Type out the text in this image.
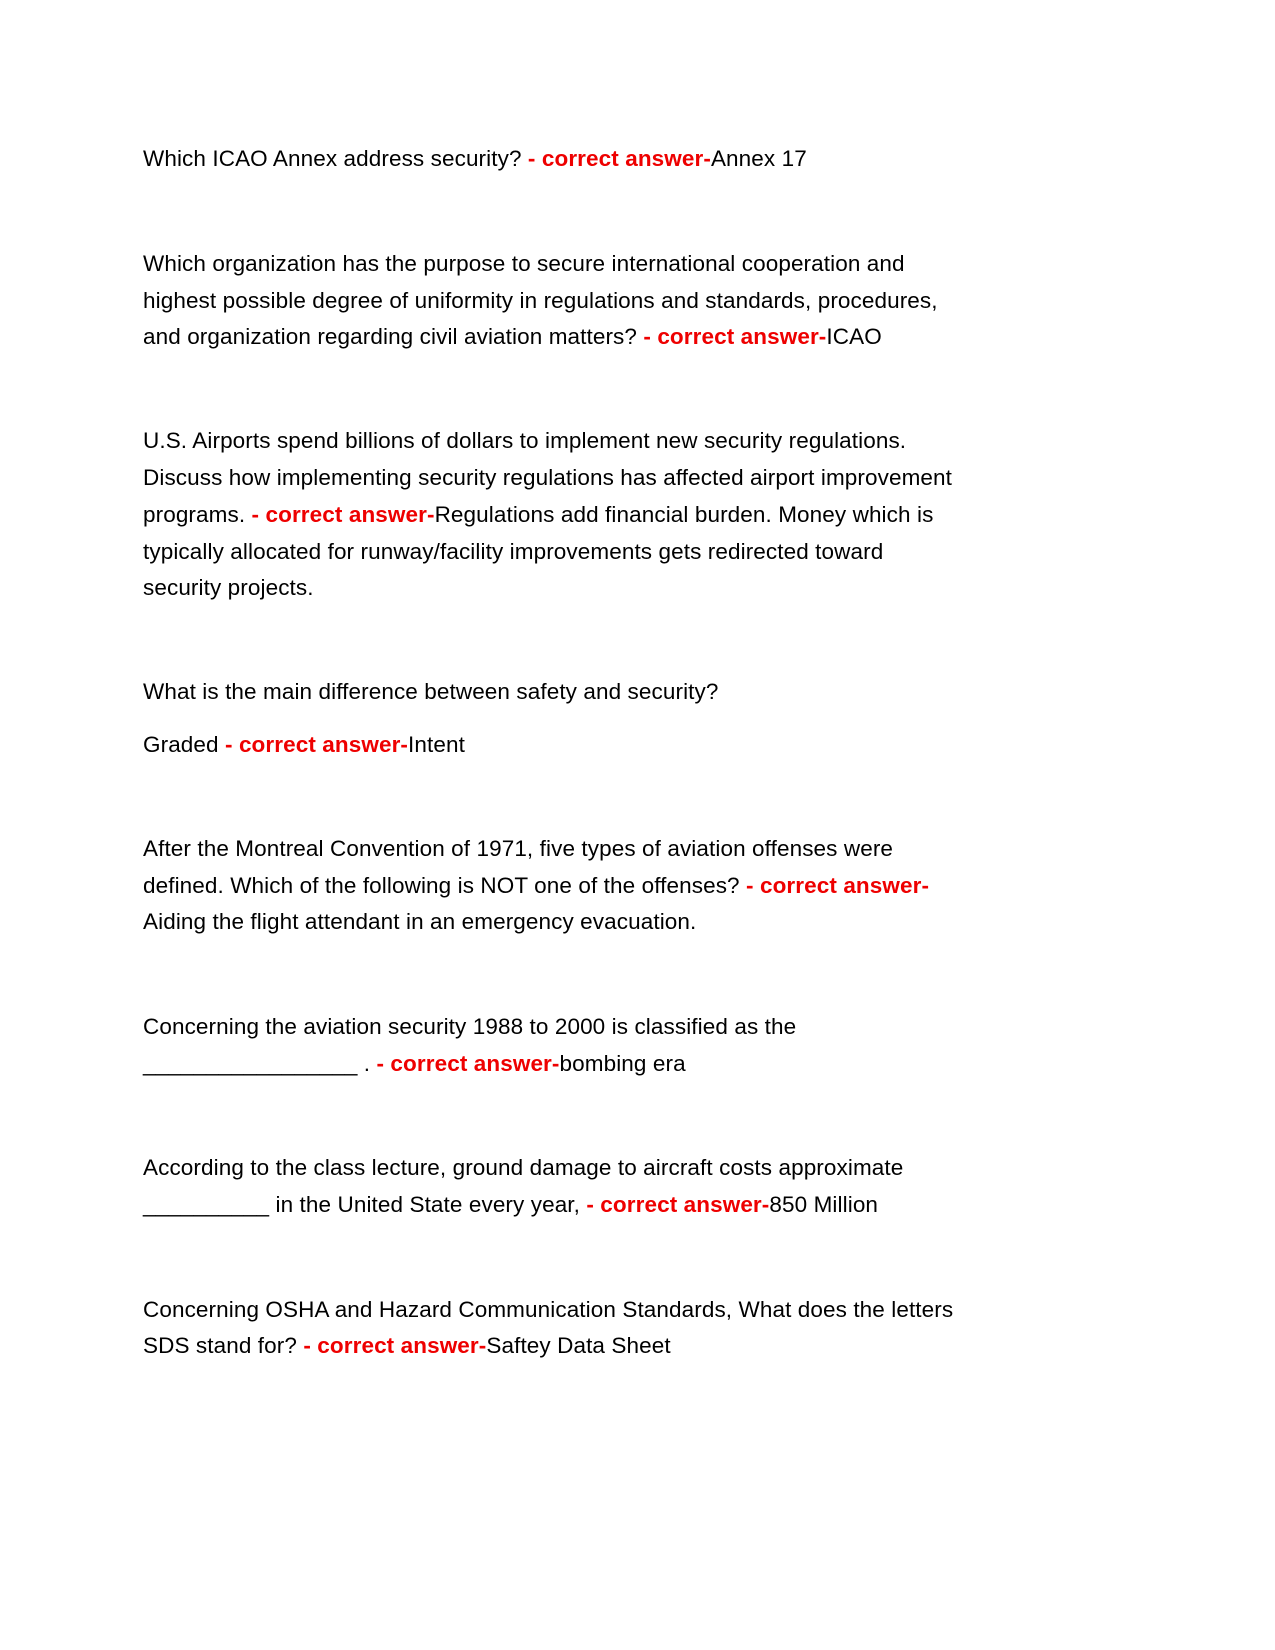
Which ICAO Annex address security? - correct answer-Annex 17
Which organization has the purpose to secure international cooperation and
highest possible degree of uniformity in regulations and standards, procedures,
and organization regarding civil aviation matters? - correct answer-ICAO
U.S. Airports spend billions of dollars to implement new security regulations.
Discuss how implementing security regulations has affected airport improvement
programs. - correct answer-Regulations add financial burden. Money which is
typically allocated for runway/facility improvements gets redirected toward
security projects.
What is the main difference between safety and security?
Graded - correct answer-Intent
After the Montreal Convention of 1971, five types of aviation offenses were
defined. Which of the following is NOT one of the offenses? - correct answer-
Aiding the flight attendant in an emergency evacuation.
Concerning the aviation security 1988 to 2000 is classified as the
_________________ . - correct answer-bombing era
According to the class lecture, ground damage to aircraft costs approximate
__________ in the United State every year, - correct answer-850 Million
Concerning OSHA and Hazard Communication Standards, What does the letters
SDS stand for? - correct answer-Saftey Data Sheet
